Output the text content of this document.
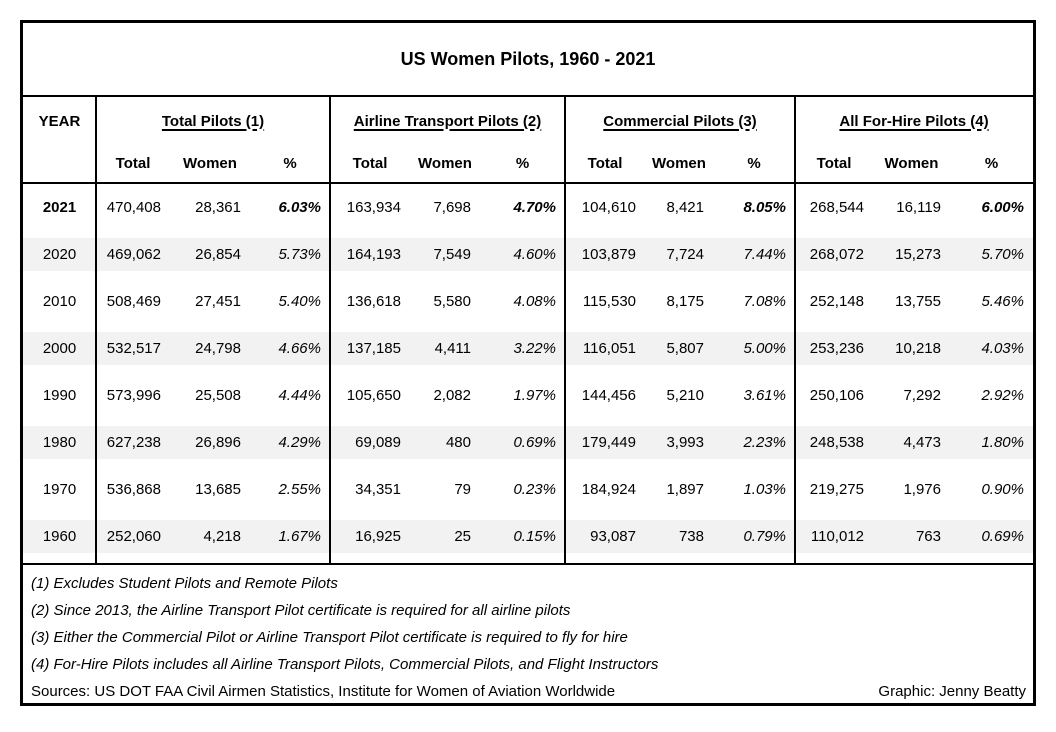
US Women Pilots, 1960 - 2021
YEAR	Total Pilots (1)	Airline Transport Pilots (2)	Commercial Pilots (3)	All For-Hire Pilots (4)
Total	Women	%	Total	Women	%	Total	Women	%	Total	Women	%
2021	470,408	28,361	6.03%	163,934	7,698	4.70%	104,610	8,421	8.05%	268,544	16,119	6.00%
2020	469,062	26,854	5.73%	164,193	7,549	4.60%	103,879	7,724	7.44%	268,072	15,273	5.70%
2010	508,469	27,451	5.40%	136,618	5,580	4.08%	115,530	8,175	7.08%	252,148	13,755	5.46%
2000	532,517	24,798	4.66%	137,185	4,411	3.22%	116,051	5,807	5.00%	253,236	10,218	4.03%
1990	573,996	25,508	4.44%	105,650	2,082	1.97%	144,456	5,210	3.61%	250,106	7,292	2.92%
1980	627,238	26,896	4.29%	69,089	480	0.69%	179,449	3,993	2.23%	248,538	4,473	1.80%
1970	536,868	13,685	2.55%	34,351	79	0.23%	184,924	1,897	1.03%	219,275	1,976	0.90%
1960	252,060	4,218	1.67%	16,925	25	0.15%	93,087	738	0.79%	110,012	763	0.69%
(1) Excludes Student Pilots and Remote Pilots
(2) Since 2013, the Airline Transport Pilot certificate is required for all airline pilots
(3) Either the Commercial Pilot or Airline Transport Pilot certificate is required to fly for hire
(4) For-Hire Pilots includes all Airline Transport Pilots, Commercial Pilots, and Flight Instructors
Sources: US DOT FAA Civil Airmen Statistics, Institute for Women of Aviation Worldwide	Graphic: Jenny Beatty
